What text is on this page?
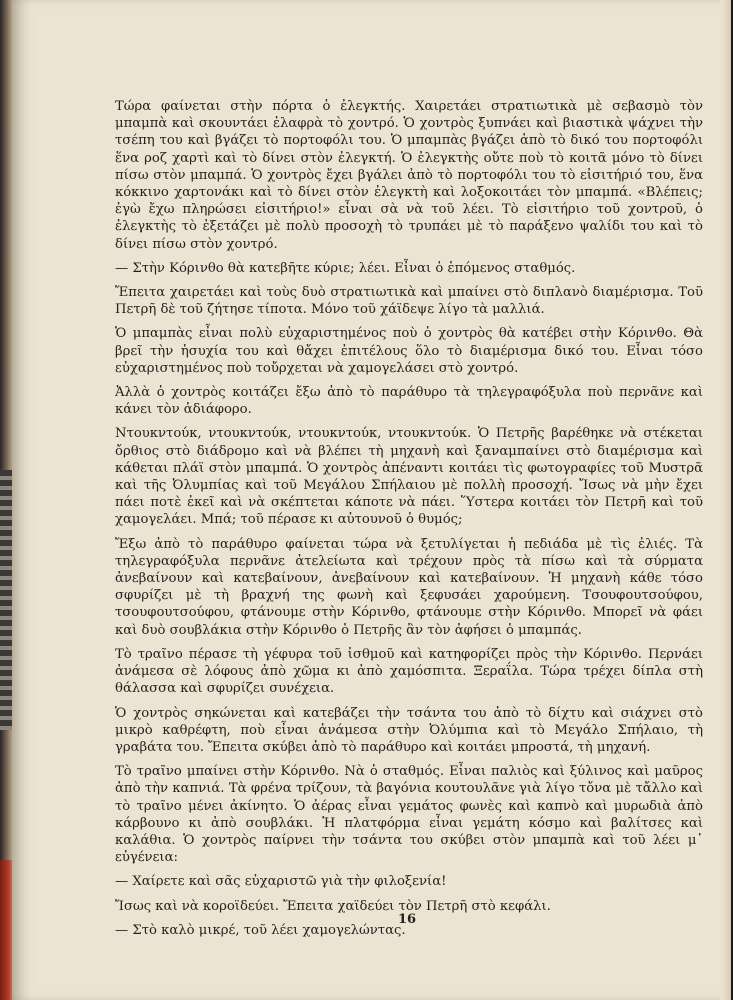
Τώρα φαίνεται στὴν πόρτα ὁ ἐλεγκτής. Χαιρετάει στρατιωτικὰ μὲ σεβασμὸ τὸν μπαμπὰ καὶ σκουντάει ἐλαφρὰ τὸ χοντρό. Ὁ χοντρὸς ξυπνάει καὶ βιαστικὰ ψάχνει τὴν τσέπη του καὶ βγάζει τὸ πορτοφόλι του. Ὁ μπαμπὰς βγάζει ἀπὸ τὸ δικό του πορτοφόλι ἕνα ροζ χαρτὶ καὶ τὸ δίνει στὸν ἐλεγκτή. Ὁ ἐλεγκτὴς οὔτε ποὺ τὸ κοιτᾶ μόνο τὸ δίνει πίσω στὸν μπαμπά. Ὁ χοντρὸς ἔχει βγάλει ἀπὸ τὸ πορτοφόλι του τὸ εἰσιτήριό του, ἕνα κόκκινο χαρτονάκι καὶ τὸ δίνει στὸν ἐλεγκτὴ καὶ λοξοκοιτάει τὸν μπαμπά. «Βλέπεις; ἐγὼ ἔχω πληρώσει εἰσιτήριο!» εἶναι σὰ νὰ τοῦ λέει. Τὸ εἰσιτήριο τοῦ χοντροῦ, ὁ ἐλεγκτὴς τὸ ἐξετάζει μὲ πολὺ προσοχὴ τὸ τρυπάει μὲ τὸ παράξενο ψαλίδι του καὶ τὸ δίνει πίσω στὸν χοντρό.

— Στὴν Κόρινθο θὰ κατεβῆτε κύριε; λέει. Εἶναι ὁ ἑπόμενος σταθμός.

Ἔπειτα χαιρετάει καὶ τοὺς δυὸ στρατιωτικὰ καὶ μπαίνει στὸ διπλανὸ διαμέρισμα. Τοῦ Πετρῆ δὲ τοῦ ζήτησε τίποτα. Μόνο τοῦ χάϊδεψε λίγο τὰ μαλλιά.

Ὁ μπαμπὰς εἶναι πολὺ εὐχαριστημένος ποὺ ὁ χοντρὸς θὰ κατέβει στὴν Κόρινθο. Θὰ βρεῖ τὴν ἡσυχία του καὶ θἄχει ἐπιτέλους ὅλο τὸ διαμέρισμα δικό του. Εἶναι τόσο εὐχαριστημένος ποὺ τοὔρχεται νὰ χαμογελάσει στὸ χοντρό.

Ἀλλὰ ὁ χοντρὸς κοιτάζει ἔξω ἀπὸ τὸ παράθυρο τὰ τηλεγραφόξυλα ποὺ περνᾶνε καὶ κάνει τὸν ἀδιάφορο.

Ντουκντούκ, ντουκντούκ, ντουκντούκ, ντουκντούκ. Ὁ Πετρῆς βαρέθηκε νὰ στέκεται ὄρθιος στὸ διάδρομο καὶ νὰ βλέπει τὴ μηχανὴ καὶ ξαναμπαίνει στὸ διαμέρισμα καὶ κάθεται πλάϊ στὸν μπαμπά. Ὁ χοντρὸς ἀπέναντι κοιτάει τὶς φωτογραφίες τοῦ Μυστρᾶ καὶ τῆς Ὀλυμπίας καὶ τοῦ Μεγάλου Σπήλαιου μὲ πολλὴ προσοχή. Ἴσως νὰ μὴν ἔχει πάει ποτὲ ἐκεῖ καὶ νὰ σκέπτεται κάποτε νὰ πάει. Ὕστερα κοιτάει τὸν Πετρῆ καὶ τοῦ χαμογελάει. Μπά; τοῦ πέρασε κι αὐτουνοῦ ὁ θυμός;

Ἔξω ἀπὸ τὸ παράθυρο φαίνεται τώρα νὰ ξετυλίγεται ἡ πεδιάδα μὲ τὶς ἐλιές. Τὰ τηλεγραφόξυλα περνᾶνε ἀτελείωτα καὶ τρέχουν πρὸς τὰ πίσω καὶ τὰ σύρματα ἀνεβαίνουν καὶ κατεβαίνουν, ἀνεβαίνουν καὶ κατεβαίνουν. Ἡ μηχανὴ κάθε τόσο σφυρίζει μὲ τὴ βραχνή της φωνὴ καὶ ξεφυσάει χαρούμενη. Τσουφουτσούφου, τσουφουτσούφου, φτάνουμε στὴν Κόρινθο, φτάνουμε στὴν Κόρινθο. Μπορεῖ νὰ φάει καὶ δυὸ σουβλάκια στὴν Κόρινθο ὁ Πετρῆς ἂν τὸν ἀφήσει ὁ μπαμπάς.

Τὸ τραῖνο πέρασε τὴ γέφυρα τοῦ ἰσθμοῦ καὶ κατηφορίζει πρὸς τὴν Κόρινθο. Περνάει ἀνάμεσα σὲ λόφους ἀπὸ χῶμα κι ἀπὸ χαμόσπιτα. Ξεραΐλα. Τώρα τρέχει δίπλα στὴ θάλασσα καὶ σφυρίζει συνέχεια.

Ὁ χοντρὸς σηκώνεται καὶ κατεβάζει τὴν τσάντα του ἀπὸ τὸ δίχτυ καὶ σιάχνει στὸ μικρὸ καθρέφτη, ποὺ εἶναι ἀνάμεσα στὴν Ὀλύμπια καὶ τὸ Μεγάλο Σπήλαιο, τὴ γραβάτα του. Ἔπειτα σκύβει ἀπὸ τὸ παράθυρο καὶ κοιτάει μπροστά, τὴ μηχανή.

Τὸ τραῖνο μπαίνει στὴν Κόρινθο. Νὰ ὁ σταθμός. Εἶναι παλιὸς καὶ ξύλινος καὶ μαῦρος ἀπὸ τὴν καπνιά. Τὰ φρένα τρίζουν, τὰ βαγόνια κουτουλᾶνε γιὰ λίγο τὄνα μὲ τἄλλο καὶ τὸ τραῖνο μένει ἀκίνητο. Ὁ ἀέρας εἶναι γεμάτος φωνὲς καὶ καπνὸ καὶ μυρωδιὰ ἀπὸ κάρβουνο κι ἀπὸ σουβλάκι. Ἡ πλατφόρμα εἶναι γεμάτη κόσμο καὶ βαλίτσες καὶ καλάθια. Ὁ χοντρὸς παίρνει τὴν τσάντα του σκύβει στὸν μπαμπὰ καὶ τοῦ λέει μ᾽ εὐγένεια:

— Χαίρετε καὶ σᾶς εὐχαριστῶ γιὰ τὴν φιλοξενία!

Ἴσως καὶ νὰ κοροϊδεύει. Ἔπειτα χαϊδεύει τὸν Πετρῆ στὸ κεφάλι.

— Στὸ καλὸ μικρέ, τοῦ λέει χαμογελώντας.

16
